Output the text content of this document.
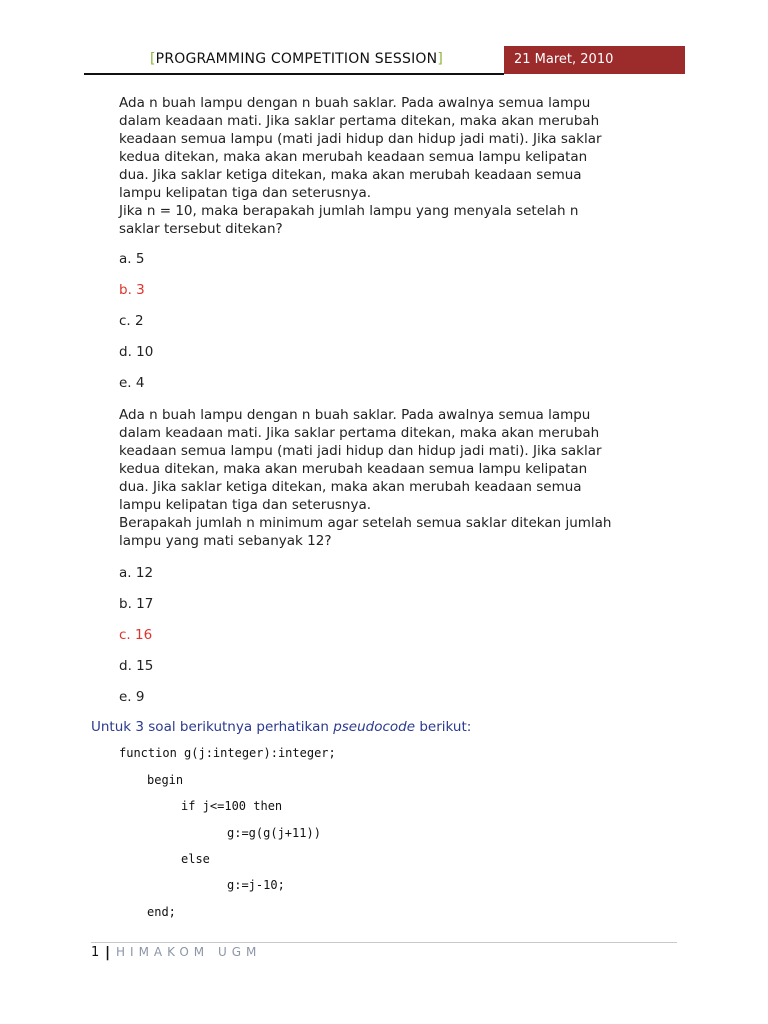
[PROGRAMMING COMPETITION SESSION]	21 Maret, 2010
Ada n buah lampu dengan n buah saklar. Pada awalnya semua lampu
dalam keadaan mati. Jika saklar pertama ditekan, maka akan merubah
keadaan semua lampu (mati jadi hidup dan hidup jadi mati). Jika saklar
kedua ditekan, maka akan merubah keadaan semua lampu kelipatan
dua. Jika saklar ketiga ditekan, maka akan merubah keadaan semua
lampu kelipatan tiga dan seterusnya.
Jika n = 10, maka berapakah jumlah lampu yang menyala setelah n
saklar tersebut ditekan?
a. 5
b. 3
c. 2
d. 10
e. 4
Ada n buah lampu dengan n buah saklar. Pada awalnya semua lampu
dalam keadaan mati. Jika saklar pertama ditekan, maka akan merubah
keadaan semua lampu (mati jadi hidup dan hidup jadi mati). Jika saklar
kedua ditekan, maka akan merubah keadaan semua lampu kelipatan
dua. Jika saklar ketiga ditekan, maka akan merubah keadaan semua
lampu kelipatan tiga dan seterusnya.
Berapakah jumlah n minimum agar setelah semua saklar ditekan jumlah
lampu yang mati sebanyak 12?
a. 12
b. 17
c. 16
d. 15
e. 9
Untuk 3 soal berikutnya perhatikan pseudocode berikut:
function g(j:integer):integer;
begin
if j<=100 then
g:=g(g(j+11))
else
g:=j-10;
end;
1 | HIMAKOM UGM
